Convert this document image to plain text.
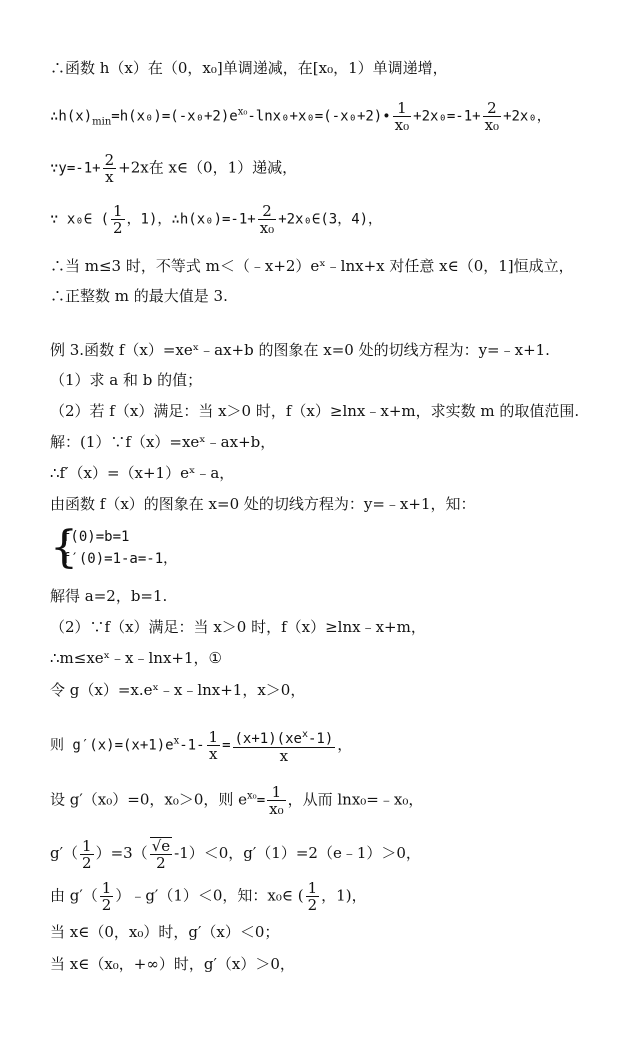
∴函数 h（x）在（0，x₀]单调递减，在[x₀，1）单调递增，
$\therefore h(x)_{min}=h(x_0)=(-x_0+2)e^{x_0}-\ln x_0+x_0=(-x_0+2)• \frac{1}{\text{x₀}} +2x_0=-1+ \frac{2}{\text{x₀}} +2x_0$，
∵y=-1+ $\frac{2}{x} +2x$在 x∈（0，1）递减，
∵ x₀∈ ( $\frac{1}{2}$ ，1)，∴h(x₀)=-1+ $\frac{2}{\text{x₀}}$ +2x₀∈(3，4)，
∴当 m≤3 时，不等式 m＜（﹣x+2）eˣ﹣lnx+x 对任意 x∈（0，1]恒成立，
∴正整数 m 的最大值是 3.
例 3.函数 f（x）=xeˣ﹣ax+b 的图象在 x=0 处的切线方程为：y=﹣x+1.
（1）求 a 和 b 的值；
（2）若 f（x）满足：当 x＞0 时，f（x）≥lnx﹣x+m，求实数 m 的取值范围.
解：(1）∵f（x）=xeˣ﹣ax+b，
∴f′（x）=（x+1）eˣ﹣a，
由函数 f（x）的图象在 x=0 处的切线方程为：y=﹣x+1，知：
{
f(0)=b=1
f′(0)=1-a=-1，
解得 a=2，b=1.
（2）∵f（x）满足：当 x＞0 时，f（x）≥lnx﹣x+m，
∴m≤xeˣ﹣x﹣lnx+1，①
令 g（x）=x.eˣ﹣x﹣lnx+1，x＞0，
则 $g'(x)=(x+1)e^x-1- \frac{1}{x} = \frac{(x+1)(xe^x-1)}{x}$ ，
设 g′（x₀）=0，x₀＞0，则 $e^{x_0}= \frac{1}{\text{x₀}}$ ，从而 lnx₀=﹣x₀，
$g'( \frac{1}{2} )=3( \frac{√e}{2} -1)<0$，g′（1）=2（e﹣1）＞0，
由 $g'( \frac{1}{2}$ ）﹣g′（1）＜0，知：x₀∈ ( $\frac{1}{2}$ ，1)，
当 x∈（0，x₀）时，g′（x）＜0；
当 x∈（x₀，+∞）时，g′（x）＞0，
